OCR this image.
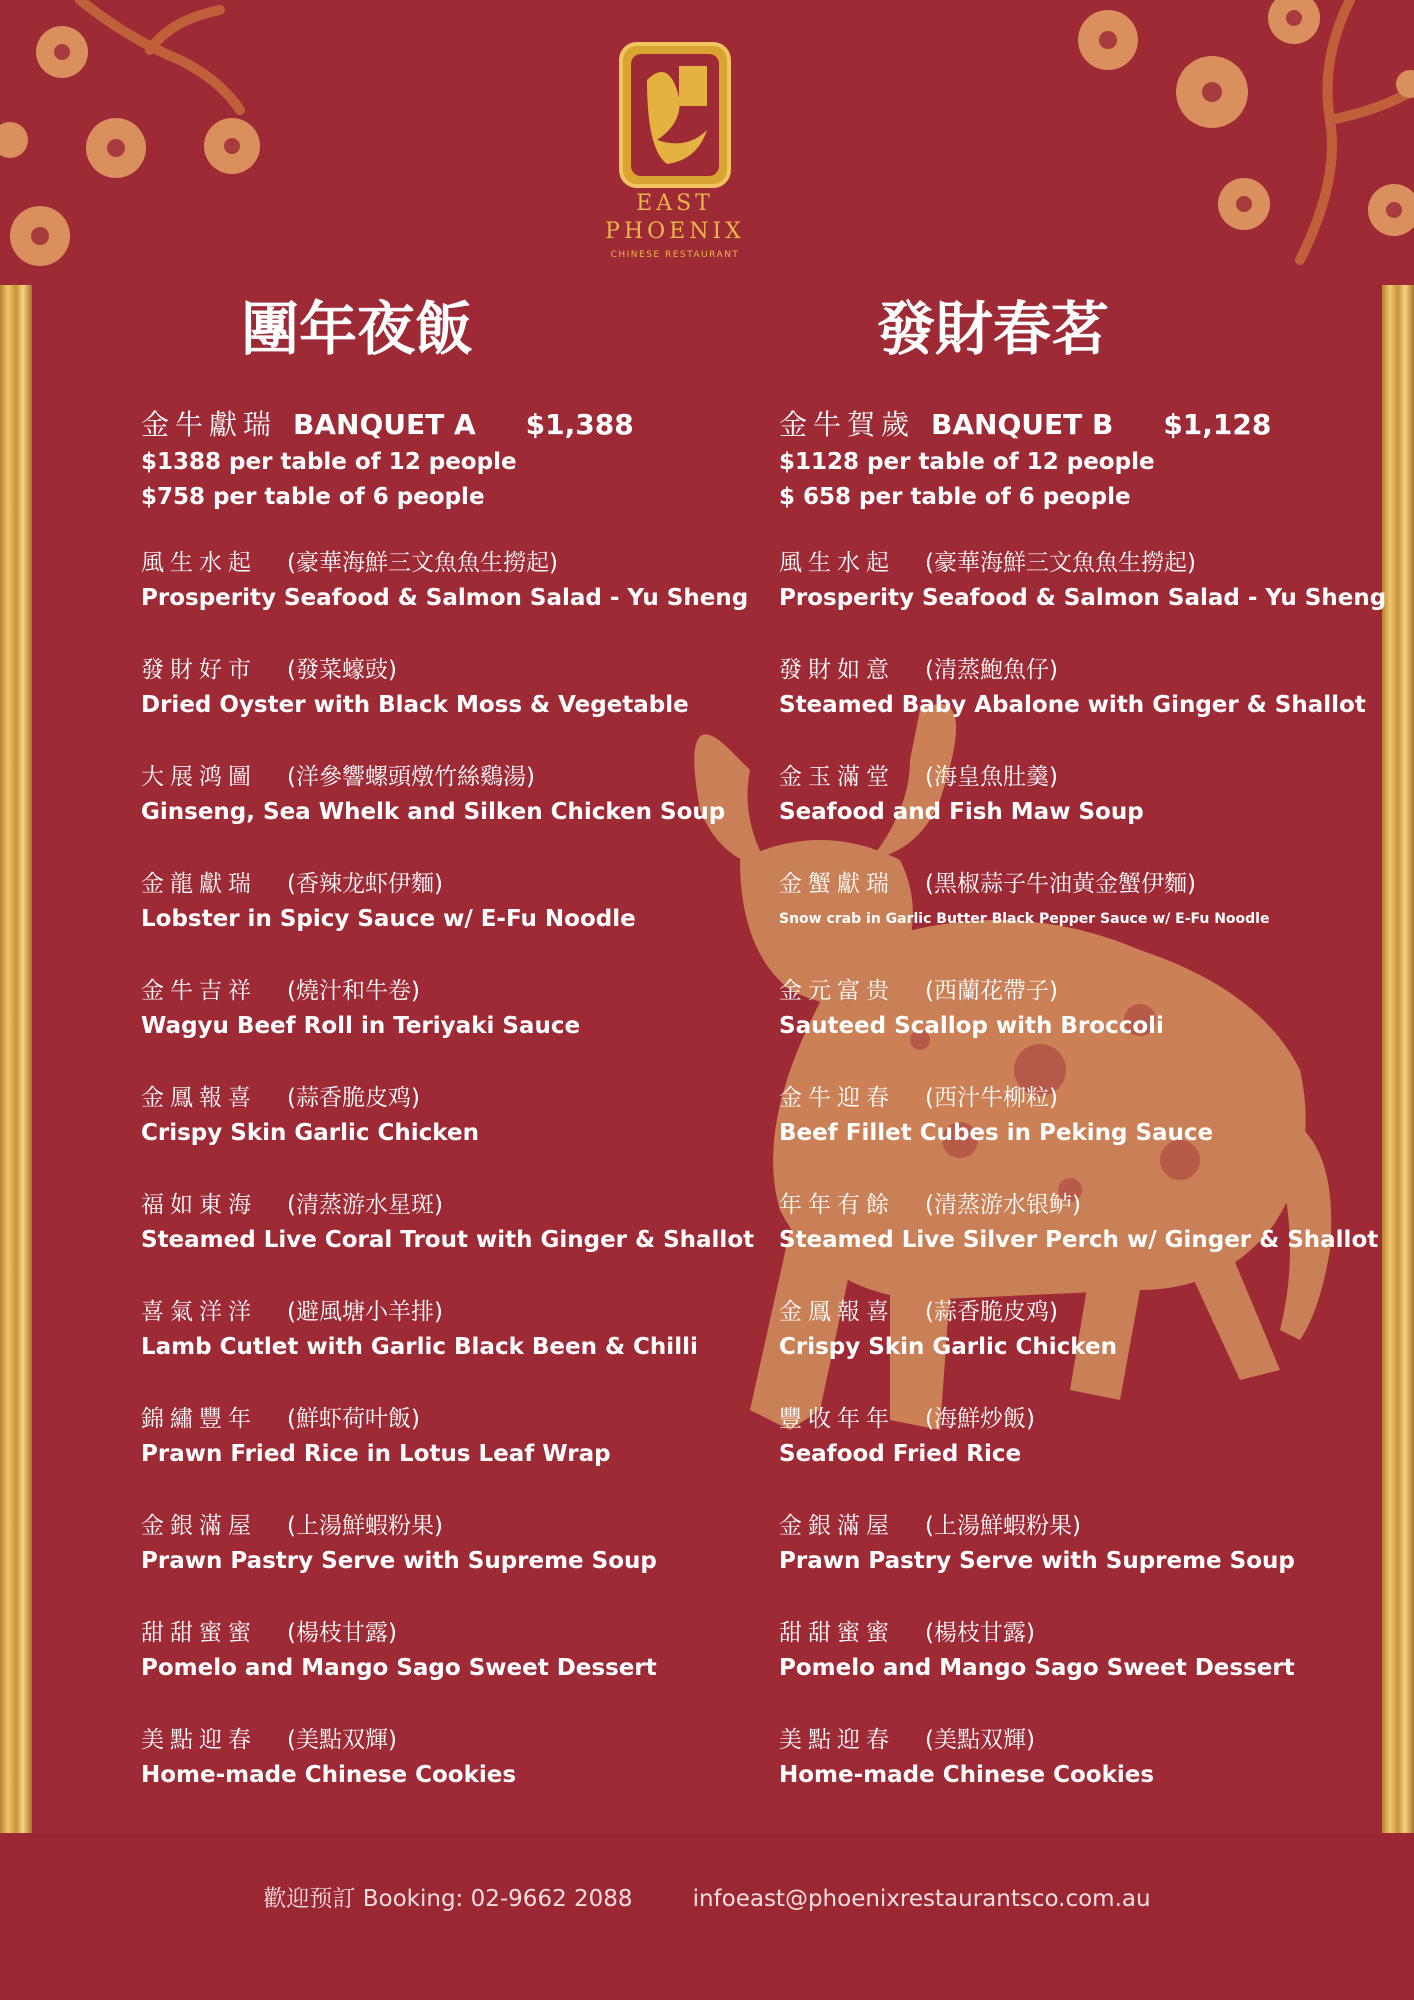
EAST
PHOENIX
CHINESE RESTAURANT
團年夜飯	發財春茗
金牛獻瑞 BANQUET A $1,388
$1388 per table of 12 people
$758 per table of 6 people
風生水起 (豪華海鮮三文魚魚生撈起)
Prosperity Seafood & Salmon Salad - Yu Sheng
發財好市 (發菜蠔豉)
Dried Oyster with Black Moss & Vegetable
大展鸿圖 (洋參響螺頭燉竹絲鷄湯)
Ginseng, Sea Whelk and Silken Chicken Soup
金龍獻瑞 (香辣龙虾伊麵)
Lobster in Spicy Sauce w/ E-Fu Noodle
金牛吉祥 (燒汁和牛卷)
Wagyu Beef Roll in Teriyaki Sauce
金鳳報喜 (蒜香脆皮鸡)
Crispy Skin Garlic Chicken
福如東海 (清蒸游水星斑)
Steamed Live Coral Trout with Ginger & Shallot
喜氣洋洋 (避風塘小羊排)
Lamb Cutlet with Garlic Black Been & Chilli
錦繡豐年 (鮮虾荷叶飯)
Prawn Fried Rice in Lotus Leaf Wrap
金銀滿屋 (上湯鮮蝦粉果)
Prawn Pastry Serve with Supreme Soup
甜甜蜜蜜 (楊枝甘露)
Pomelo and Mango Sago Sweet Dessert
美點迎春 (美點双輝)
Home-made Chinese Cookies
金牛賀歲 BANQUET B $1,128
$1128 per table of 12 people
$ 658 per table of 6 people
風生水起 (豪華海鮮三文魚魚生撈起)
Prosperity Seafood & Salmon Salad - Yu Sheng
發財如意 (清蒸鮑魚仔)
Steamed Baby Abalone with Ginger & Shallot
金玉滿堂 (海皇魚肚羹)
Seafood and Fish Maw Soup
金蟹獻瑞 (黑椒蒜子牛油黃金蟹伊麵)
Snow crab in Garlic Butter Black Pepper Sauce w/ E-Fu Noodle
金元富贵 (西蘭花帶子)
Sauteed Scallop with Broccoli
金牛迎春 (西汁牛柳粒)
Beef Fillet Cubes in Peking Sauce
年年有餘 (清蒸游水银鲈)
Steamed Live Silver Perch w/ Ginger & Shallot
金鳳報喜 (蒜香脆皮鸡)
Crispy Skin Garlic Chicken
豐收年年 (海鮮炒飯)
Seafood Fried Rice
金銀滿屋 (上湯鮮蝦粉果)
Prawn Pastry Serve with Supreme Soup
甜甜蜜蜜 (楊枝甘露)
Pomelo and Mango Sago Sweet Dessert
美點迎春 (美點双輝)
Home-made Chinese Cookies
歡迎预訂 Booking: 02-9662 2088	infoeast@phoenixrestaurantsco.com.au
